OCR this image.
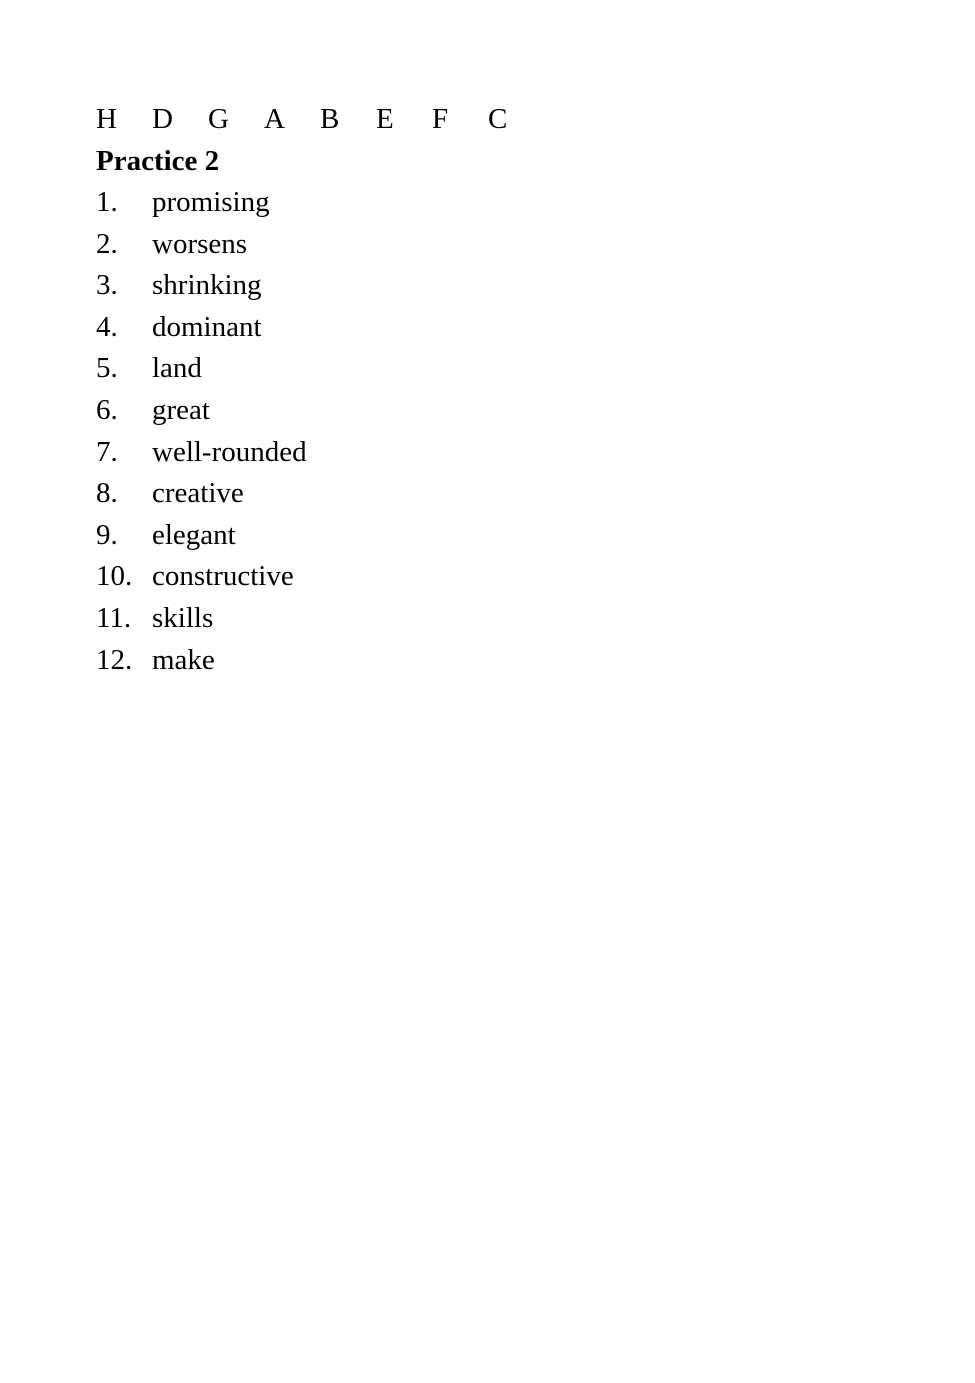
H	D	G	A	B	E	F	C
Practice 2
1.	promising
2.	worsens
3.	shrinking
4.	dominant
5.	land
6.	great
7.	well-rounded
8.	creative
9.	elegant
10. constructive
11. skills
12. make
